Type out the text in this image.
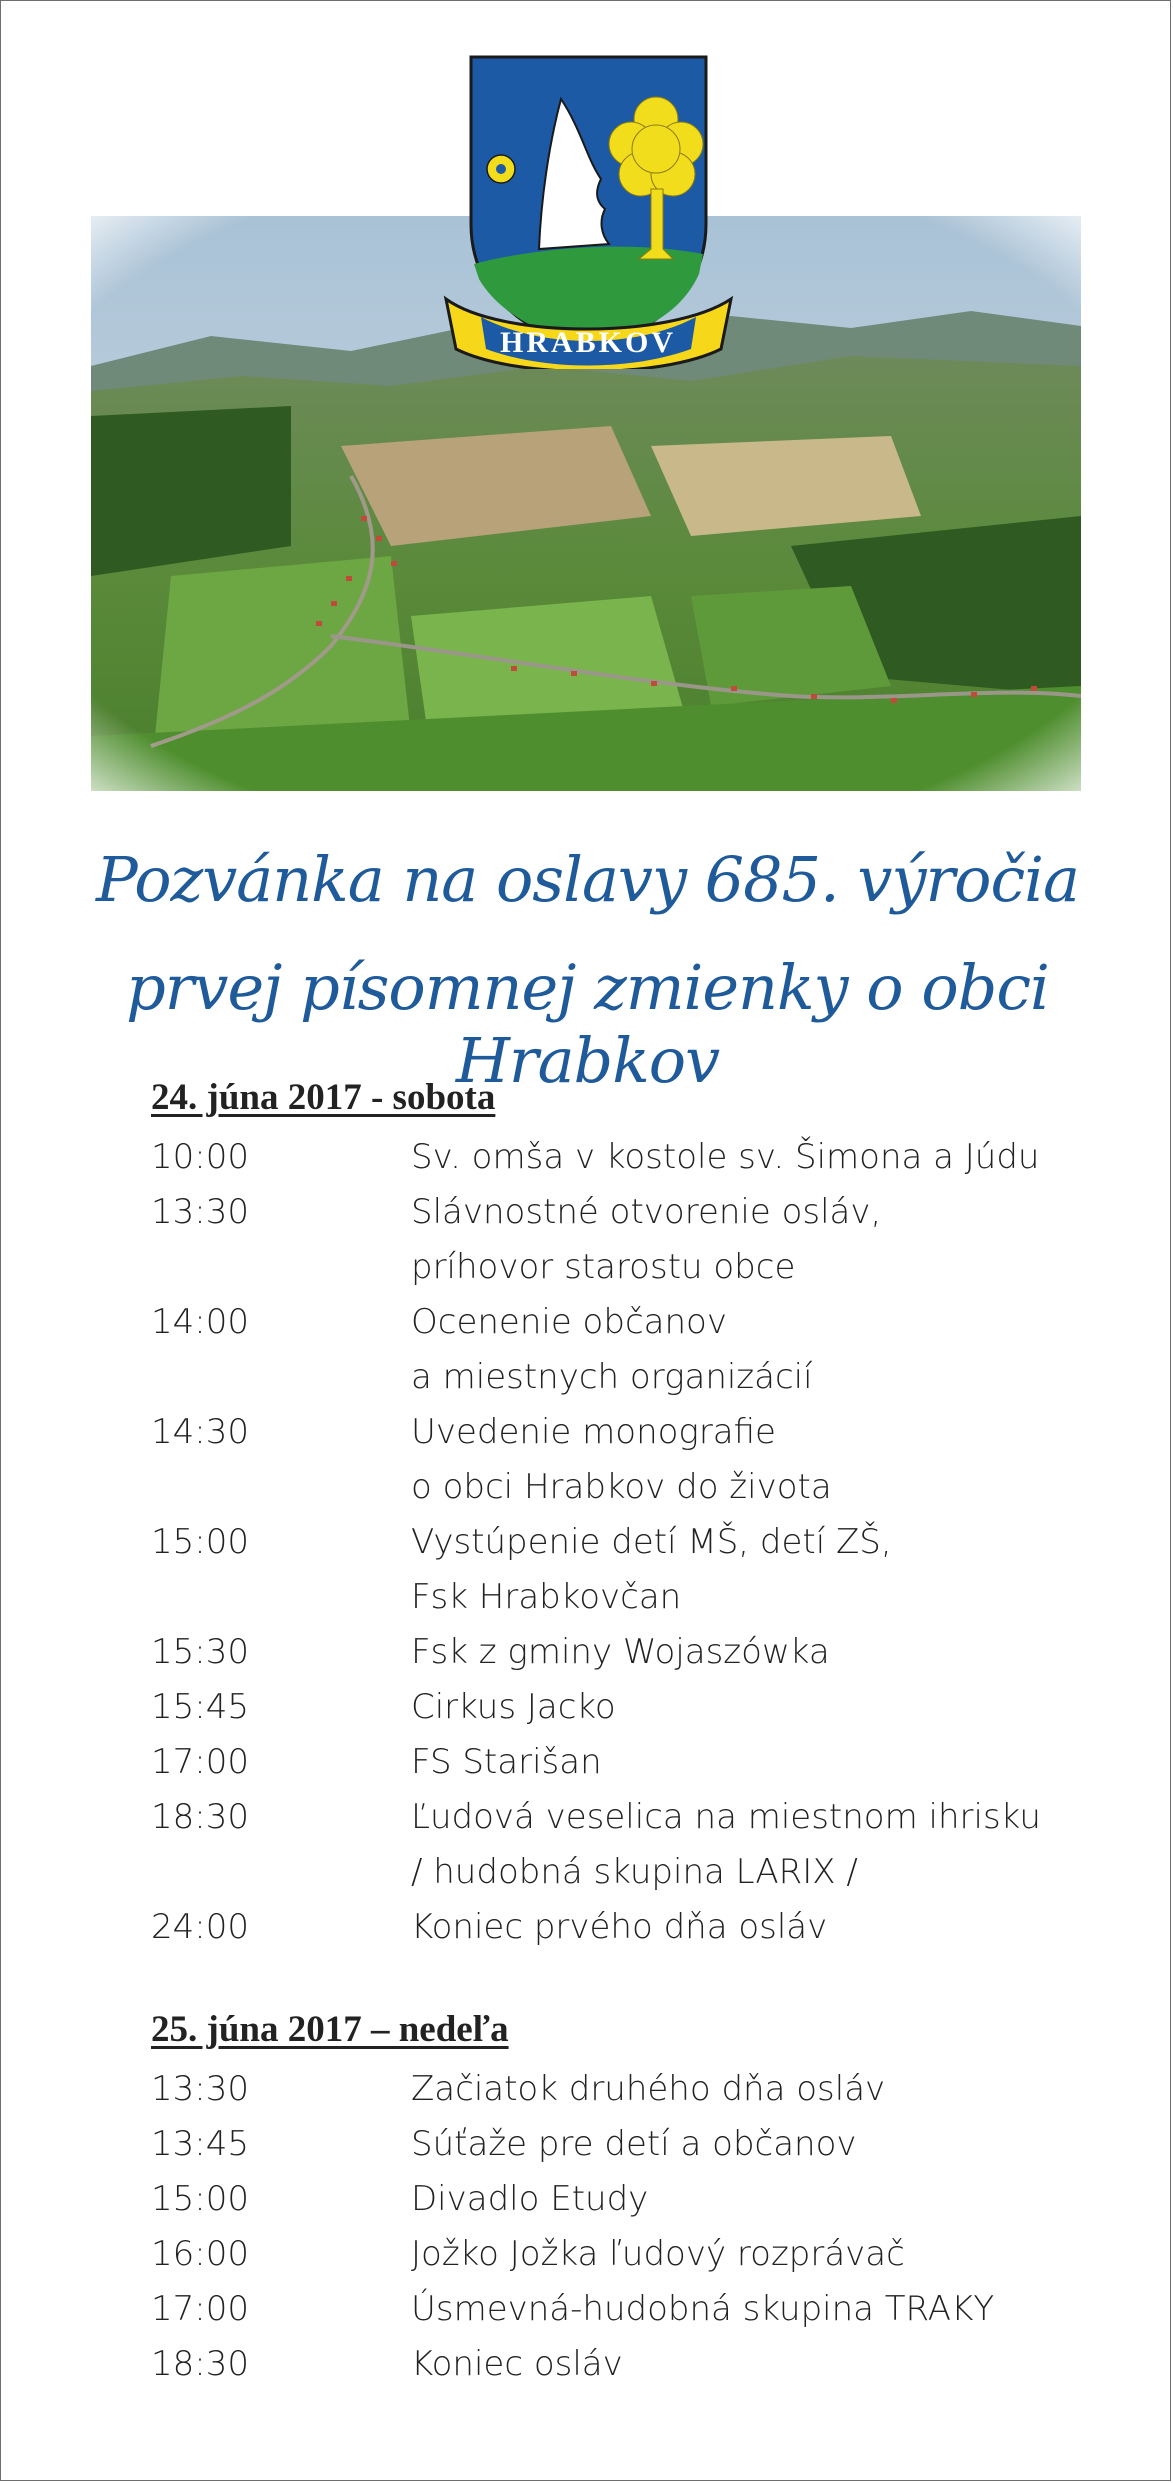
HRABKOV
Pozvánka na oslavy 685. výročia
prvej písomnej zmienky o obci Hrabkov
24. júna 2017 - sobota
10:00	Sv. omša v kostole sv. Šimona a Júdu
13:30	Slávnostné otvorenie osláv,
príhovor starostu obce
14:00	Ocenenie občanov
a miestnych organizácií
14:30	Uvedenie monografie
o obci Hrabkov do života
15:00	Vystúpenie detí MŠ, detí ZŠ,
Fsk Hrabkovčan
15:30	Fsk z gminy Wojaszówka
15:45	Cirkus Jacko
17:00	FS Starišan
18:30	Ľudová veselica na miestnom ihrisku
/ hudobná skupina LARIX /
24:00	Koniec prvého dňa osláv
25. júna 2017 – nedeľa
13:30	Začiatok druhého dňa osláv
13:45	Súťaže pre detí a občanov
15:00	Divadlo Etudy
16:00	Jožko Jožka ľudový rozprávač
17:00	Úsmevná-hudobná skupina TRAKY
18:30	Koniec osláv
